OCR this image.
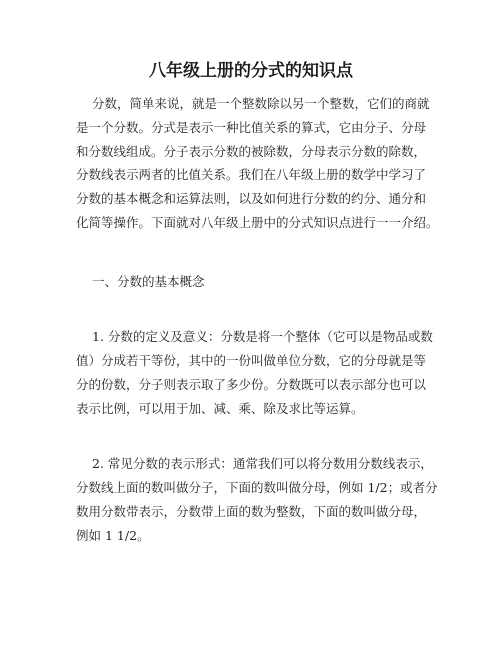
八年级上册的分式的知识点

分数，简单来说，就是一个整数除以另一个整数，它们的商就

是一个分数。分式是表示一种比值关系的算式，它由分子、分母

和分数线组成。分子表示分数的被除数，分母表示分数的除数，

分数线表示两者的比值关系。我们在八年级上册的数学中学习了

分数的基本概念和运算法则，以及如何进行分数的约分、通分和

化简等操作。下面就对八年级上册中的分式知识点进行一一介绍。

一、分数的基本概念

1. 分数的定义及意义：分数是将一个整体（它可以是物品或数

值）分成若干等份，其中的一份叫做单位分数，它的分母就是等

分的份数，分子则表示取了多少份。分数既可以表示部分也可以

表示比例，可以用于加、减、乘、除及求比等运算。

2. 常见分数的表示形式：通常我们可以将分数用分数线表示，

分数线上面的数叫做分子，下面的数叫做分母，例如 1/2；或者分

数用分数带表示，分数带上面的数为整数，下面的数叫做分母，

例如 1 1/2。
